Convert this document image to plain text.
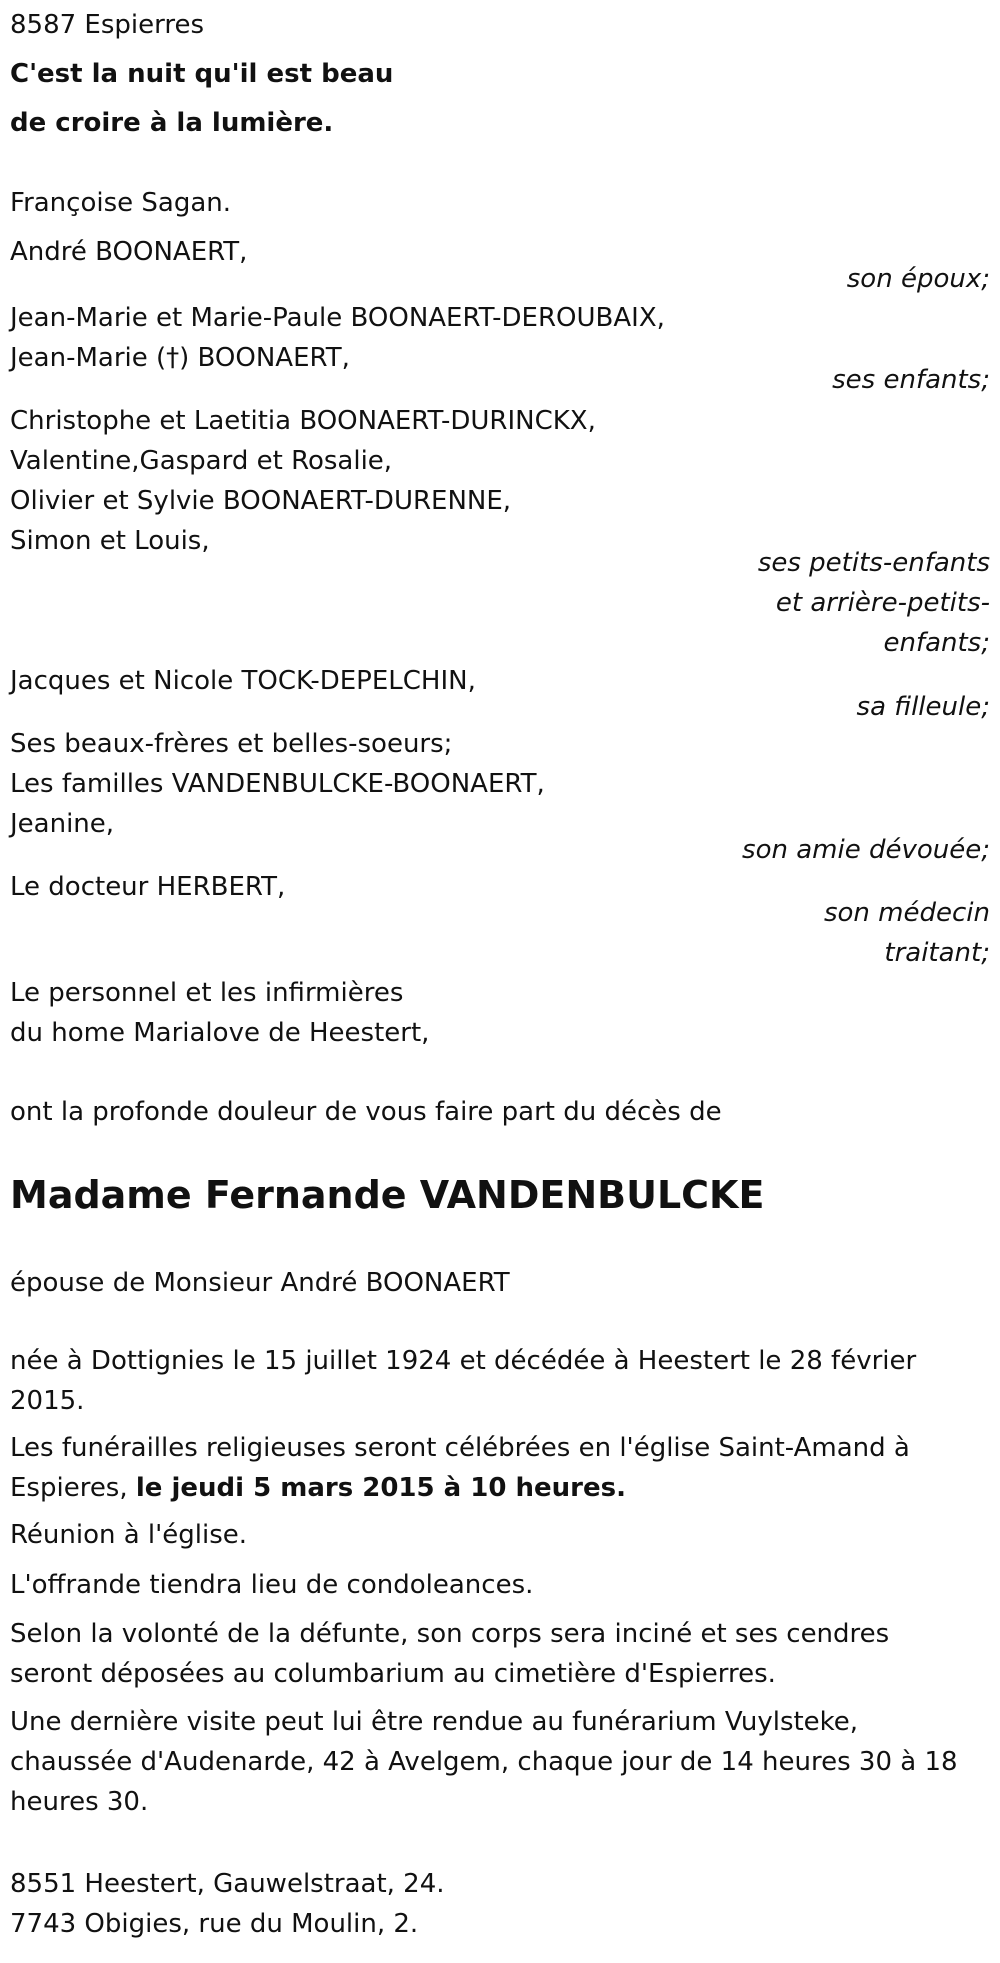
8587 Espierres

C'est la nuit qu'il est beau

de croire à la lumière.

Françoise Sagan.

André BOONAERT,

son époux;

Jean-Marie et Marie-Paule BOONAERT-DEROUBAIX,

Jean-Marie (†) BOONAERT,

ses enfants;

Christophe et Laetitia BOONAERT-DURINCKX,

Valentine,Gaspard et Rosalie,

Olivier et Sylvie BOONAERT-DURENNE,

Simon et Louis,

ses petits-enfants

et arrière-petits-

enfants;

Jacques et Nicole TOCK-DEPELCHIN,

sa filleule;

Ses beaux-frères et belles-soeurs;

Les familles VANDENBULCKE-BOONAERT,

Jeanine,

son amie dévouée;

Le docteur HERBERT,

son médecin

traitant;

Le personnel et les infirmières

du home Marialove de Heestert,

ont la profonde douleur de vous faire part du décès de

Madame Fernande VANDENBULCKE

épouse de Monsieur André BOONAERT

née à Dottignies le 15 juillet 1924 et décédée à Heestert le 28 février 2015.

Les funérailles religieuses seront célébrées en l'église Saint-Amand à Espieres, le jeudi 5 mars 2015 à 10 heures.

Réunion à l'église.

L'offrande tiendra lieu de condoleances.

Selon la volonté de la défunte, son corps sera inciné et ses cendres seront déposées au columbarium au cimetière d'Espierres.

Une dernière visite peut lui être rendue au funérarium Vuylsteke, chaussée d'Audenarde, 42 à Avelgem, chaque jour de 14 heures 30 à 18 heures 30.

8551 Heestert, Gauwelstraat, 24.

7743 Obigies, rue du Moulin, 2.
